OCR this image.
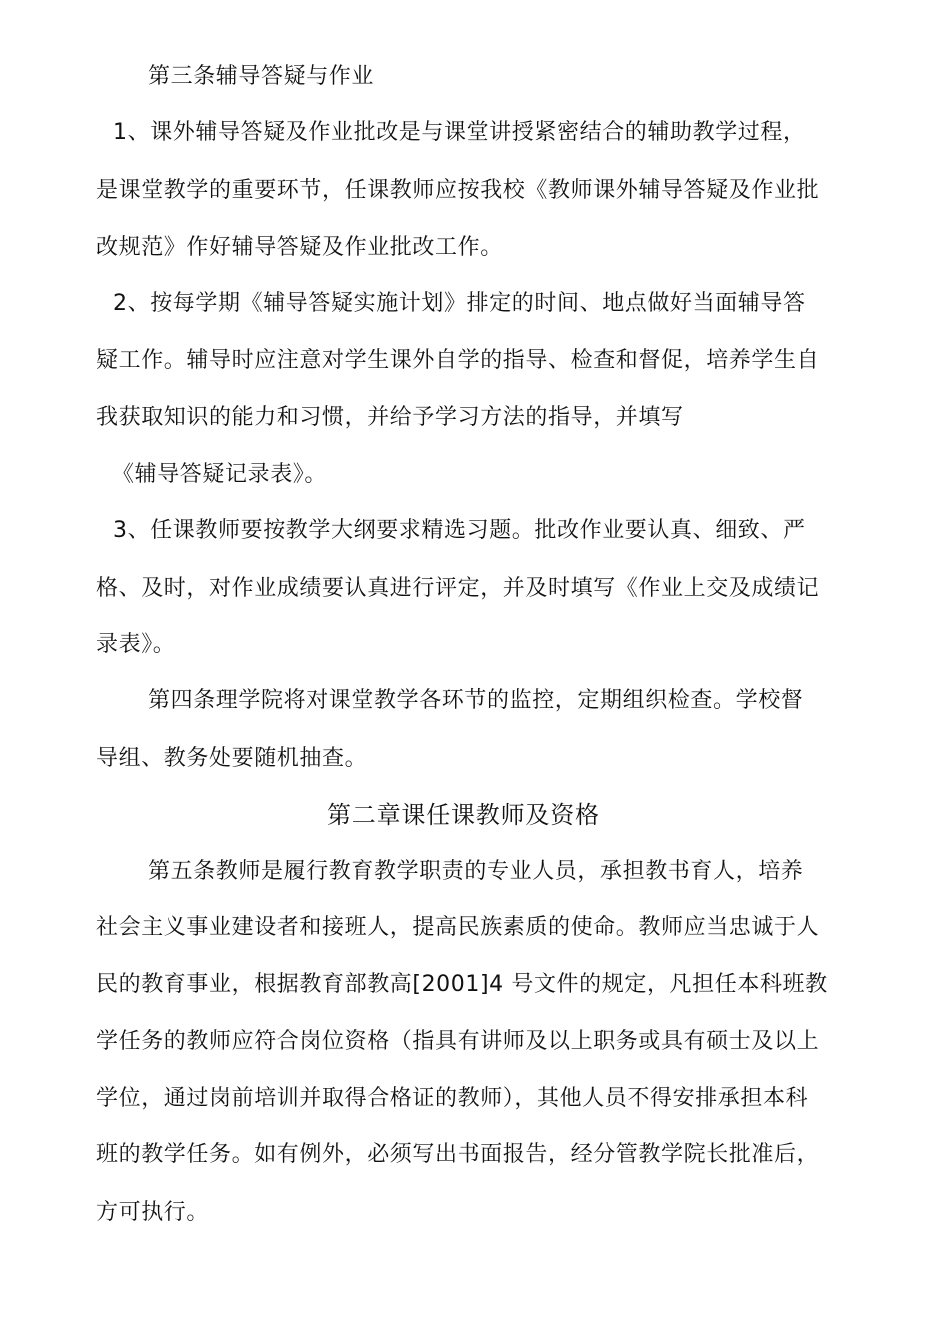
第三条辅导答疑与作业
1、课外辅导答疑及作业批改是与课堂讲授紧密结合的辅助教学过程，
是课堂教学的重要环节，任课教师应按我校《教师课外辅导答疑及作业批
改规范》作好辅导答疑及作业批改工作。
2、按每学期《辅导答疑实施计划》排定的时间、地点做好当面辅导答
疑工作。辅导时应注意对学生课外自学的指导、检查和督促，培养学生自
我获取知识的能力和习惯，并给予学习方法的指导，并填写
《辅导答疑记录表》。
3、任课教师要按教学大纲要求精选习题。批改作业要认真、细致、严
格、及时，对作业成绩要认真进行评定，并及时填写《作业上交及成绩记
录表》。
第四条理学院将对课堂教学各环节的监控，定期组织检查。学校督
导组、教务处要随机抽查。
第二章课任课教师及资格
第五条教师是履行教育教学职责的专业人员，承担教书育人，培养
社会主义事业建设者和接班人，提高民族素质的使命。教师应当忠诚于人
民的教育事业，根据教育部教高[2001]4 号文件的规定，凡担任本科班教
学任务的教师应符合岗位资格（指具有讲师及以上职务或具有硕士及以上
学位，通过岗前培训并取得合格证的教师），其他人员不得安排承担本科
班的教学任务。如有例外，必须写出书面报告，经分管教学院长批准后，
方可执行。
